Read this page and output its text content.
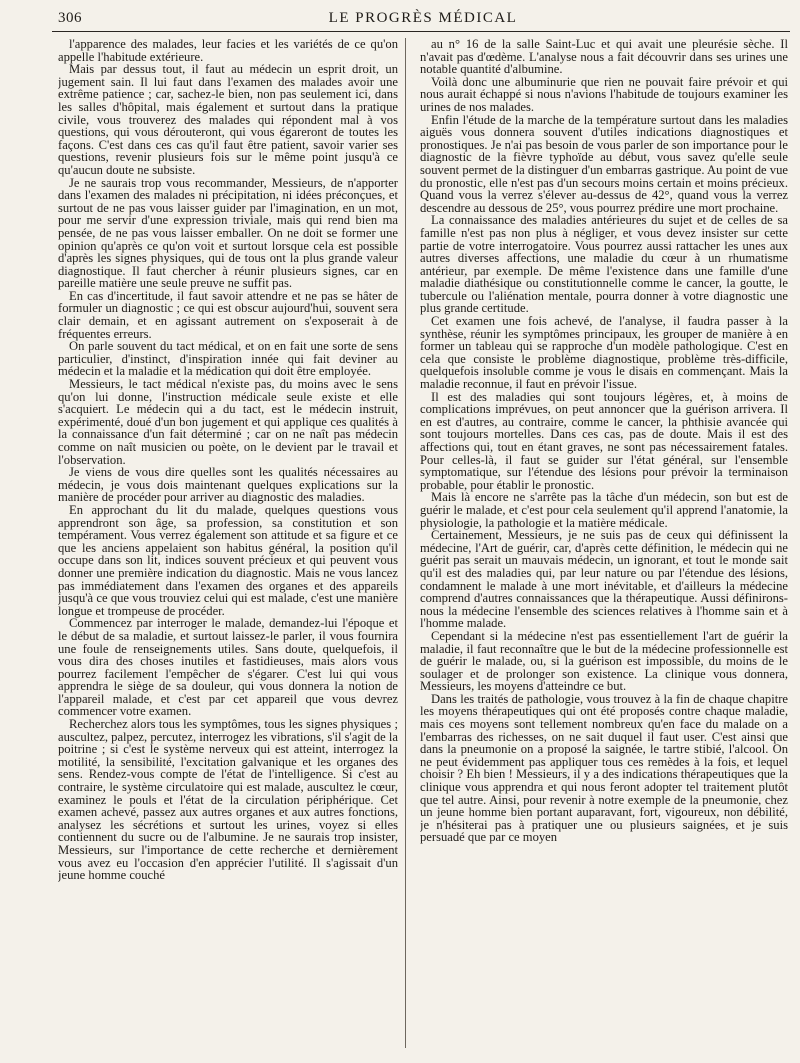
306	LE PROGRÈS MÉDICAL

l'apparence des malades, leur facies et les variétés de ce qu'on appelle l'habitude extérieure.

Mais par dessus tout, il faut au médecin un esprit droit, un jugement sain. Il lui faut dans l'examen des malades avoir une extrême patience ; car, sachez-le bien, non pas seulement ici, dans les salles d'hôpital, mais également et surtout dans la pratique civile, vous trouverez des malades qui répondent mal à vos questions, qui vous dérouteront, qui vous égareront de toutes les façons. C'est dans ces cas qu'il faut être patient, savoir varier ses questions, revenir plusieurs fois sur le même point jusqu'à ce qu'aucun doute ne subsiste.

Je ne saurais trop vous recommander, Messieurs, de n'apporter dans l'examen des malades ni précipitation, ni idées préconçues, et surtout de ne pas vous laisser guider par l'imagination, en un mot, pour me servir d'une expression triviale, mais qui rend bien ma pensée, de ne pas vous laisser emballer. On ne doit se former une opinion qu'après ce qu'on voit et surtout lorsque cela est possible d'après les signes physiques, qui de tous ont la plus grande valeur diagnostique. Il faut chercher à réunir plusieurs signes, car en pareille matière une seule preuve ne suffit pas.

En cas d'incertitude, il faut savoir attendre et ne pas se hâter de formuler un diagnostic ; ce qui est obscur aujourd'hui, souvent sera clair demain, et en agissant autrement on s'exposerait à de fréquentes erreurs.

On parle souvent du tact médical, et on en fait une sorte de sens particulier, d'instinct, d'inspiration innée qui fait deviner au médecin et la maladie et la médication qui doit être employée.

Messieurs, le tact médical n'existe pas, du moins avec le sens qu'on lui donne, l'instruction médicale seule existe et elle s'acquiert. Le médecin qui a du tact, est le médecin instruit, expérimenté, doué d'un bon jugement et qui applique ces qualités à la connaissance d'un fait déterminé ; car on ne naît pas médecin comme on naît musicien ou poète, on le devient par le travail et l'observation.

Je viens de vous dire quelles sont les qualités nécessaires au médecin, je vous dois maintenant quelques explications sur la manière de procéder pour arriver au diagnostic des maladies.

En approchant du lit du malade, quelques questions vous apprendront son âge, sa profession, sa constitution et son tempérament. Vous verrez également son attitude et sa figure et ce que les anciens appelaient son habitus général, la position qu'il occupe dans son lit, indices souvent précieux et qui peuvent vous donner une première indication du diagnostic. Mais ne vous lancez pas immédiatement dans l'examen des organes et des appareils jusqu'à ce que vous trouviez celui qui est malade, c'est une manière longue et trompeuse de procéder.

Commencez par interroger le malade, demandez-lui l'époque et le début de sa maladie, et surtout laissez-le parler, il vous fournira une foule de renseignements utiles. Sans doute, quelquefois, il vous dira des choses inutiles et fastidieuses, mais alors vous pourrez facilement l'empêcher de s'égarer. C'est lui qui vous apprendra le siège de sa douleur, qui vous donnera la notion de l'appareil malade, et c'est par cet appareil que vous devrez commencer votre examen.

Recherchez alors tous les symptômes, tous les signes physiques ; auscultez, palpez, percutez, interrogez les vibrations, s'il s'agit de la poitrine ; si c'est le système nerveux qui est atteint, interrogez la motilité, la sensibilité, l'excitation galvanique et les organes des sens. Rendez-vous compte de l'état de l'intelligence. Si c'est au contraire, le système circulatoire qui est malade, auscultez le cœur, examinez le pouls et l'état de la circulation périphérique. Cet examen achevé, passez aux autres organes et aux autres fonctions, analysez les sécrétions et surtout les urines, voyez si elles contiennent du sucre ou de l'albumine. Je ne saurais trop insister, Messieurs, sur l'importance de cette recherche et dernièrement vous avez eu l'occasion d'en apprécier l'utilité. Il s'agissait d'un jeune homme couché

au n° 16 de la salle Saint-Luc et qui avait une pleurésie sèche. Il n'avait pas d'œdème. L'analyse nous a fait découvrir dans ses urines une notable quantité d'albumine.

Voilà donc une albuminurie que rien ne pouvait faire prévoir et qui nous aurait échappé si nous n'avions l'habitude de toujours examiner les urines de nos malades.

Enfin l'étude de la marche de la température surtout dans les maladies aiguës vous donnera souvent d'utiles indications diagnostiques et pronostiques. Je n'ai pas besoin de vous parler de son importance pour le diagnostic de la fièvre typhoïde au début, vous savez qu'elle seule souvent permet de la distinguer d'un embarras gastrique. Au point de vue du pronostic, elle n'est pas d'un secours moins certain et moins précieux. Quand vous la verrez s'élever au-dessus de 42°, quand vous la verrez descendre au dessous de 25°, vous pourrez prédire une mort prochaine.

La connaissance des maladies antérieures du sujet et de celles de sa famille n'est pas non plus à négliger, et vous devez insister sur cette partie de votre interrogatoire. Vous pourrez aussi rattacher les unes aux autres diverses affections, une maladie du cœur à un rhumatisme antérieur, par exemple. De même l'existence dans une famille d'une maladie diathésique ou constitutionnelle comme le cancer, la goutte, le tubercule ou l'aliénation mentale, pourra donner à votre diagnostic une plus grande certitude.

Cet examen une fois achevé, de l'analyse, il faudra passer à la synthèse, réunir les symptômes principaux, les grouper de manière à en former un tableau qui se rapproche d'un modèle pathologique. C'est en cela que consiste le problème diagnostique, problème très-difficile, quelquefois insoluble comme je vous le disais en commençant. Mais la maladie reconnue, il faut en prévoir l'issue.

Il est des maladies qui sont toujours légères, et, à moins de complications imprévues, on peut annoncer que la guérison arrivera. Il en est d'autres, au contraire, comme le cancer, la phthisie avancée qui sont toujours mortelles. Dans ces cas, pas de doute. Mais il est des affections qui, tout en étant graves, ne sont pas nécessairement fatales. Pour celles-là, il faut se guider sur l'état général, sur l'ensemble symptomatique, sur l'étendue des lésions pour prévoir la terminaison probable, pour établir le pronostic.

Mais là encore ne s'arrête pas la tâche d'un médecin, son but est de guérir le malade, et c'est pour cela seulement qu'il apprend l'anatomie, la physiologie, la pathologie et la matière médicale.

Certainement, Messieurs, je ne suis pas de ceux qui définissent la médecine, l'Art de guérir, car, d'après cette définition, le médecin qui ne guérit pas serait un mauvais médecin, un ignorant, et tout le monde sait qu'il est des maladies qui, par leur nature ou par l'étendue des lésions, condamnent le malade à une mort inévitable, et d'ailleurs la médecine comprend d'autres connaissances que la thérapeutique. Aussi définirons-nous la médecine l'ensemble des sciences relatives à l'homme sain et à l'homme malade.

Cependant si la médecine n'est pas essentiellement l'art de guérir la maladie, il faut reconnaître que le but de la médecine professionnelle est de guérir le malade, ou, si la guérison est impossible, du moins de le soulager et de prolonger son existence. La clinique vous donnera, Messieurs, les moyens d'atteindre ce but.

Dans les traités de pathologie, vous trouvez à la fin de chaque chapitre les moyens thérapeutiques qui ont été proposés contre chaque maladie, mais ces moyens sont tellement nombreux qu'en face du malade on a l'embarras des richesses, on ne sait duquel il faut user. C'est ainsi que dans la pneumonie on a proposé la saignée, le tartre stibié, l'alcool. On ne peut évidemment pas appliquer tous ces remèdes à la fois, et lequel choisir ? Eh bien ! Messieurs, il y a des indications thérapeutiques que la clinique vous apprendra et qui nous feront adopter tel traitement plutôt que tel autre. Ainsi, pour revenir à notre exemple de la pneumonie, chez un jeune homme bien portant auparavant, fort, vigoureux, non débilité, je n'hésiterai pas à pratiquer une ou plusieurs saignées, et je suis persuadé que par ce moyen
